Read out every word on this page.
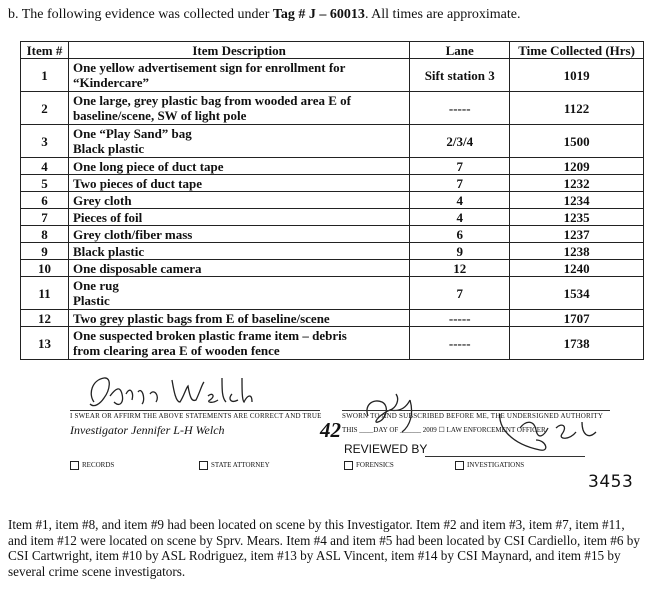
b. The following evidence was collected under Tag # J – 60013. All times are approximate.
Item #	Item Description	Lane	Time Collected (Hrs)
1	One yellow advertisement sign for enrollment for
“Kindercare”	Sift station 3	1019
2	One large, grey plastic bag from wooded area E of
baseline/scene, SW of light pole	-----	1122
3	One “Play Sand” bag
Black plastic	2/3/4	1500
4	One long piece of duct tape	7	1209
5	Two pieces of duct tape	7	1232
6	Grey cloth	4	1234
7	Pieces of foil	4	1235
8	Grey cloth/fiber mass	6	1237
9	Black plastic	9	1238
10	One disposable camera	12	1240
11	One rug
Plastic	7	1534
12	Two grey plastic bags from E of baseline/scene	-----	1707
13	One suspected broken plastic frame item – debris
from clearing area E of wooden fence	-----	1738
I SWEAR OR AFFIRM THE ABOVE STATEMENTS ARE CORRECT AND TRUE
Investigator Jennifer L-H Welch	42
SWORN TO AND SUBSCRIBED BEFORE ME, THE UNDERSIGNED AUTHORITY
THIS ____DAY OF ______ 2009 ☐ LAW ENFORCEMENT OFFICER
REVIEWED BY
RECORDS	STATE ATTORNEY	FORENSICS	INVESTIGATIONS
3453
Item #1, item #8, and item #9 had been located on scene by this Investigator. Item #2 and item #3, item #7, item #11, and item #12 were located on scene by Sprv. Mears. Item #4 and item #5 had been located by CSI Cardiello, item #6 by CSI Cartwright, item #10 by ASL Rodriguez, item #13 by ASL Vincent, item #14 by CSI Maynard, and item #15 by several crime scene investigators.
